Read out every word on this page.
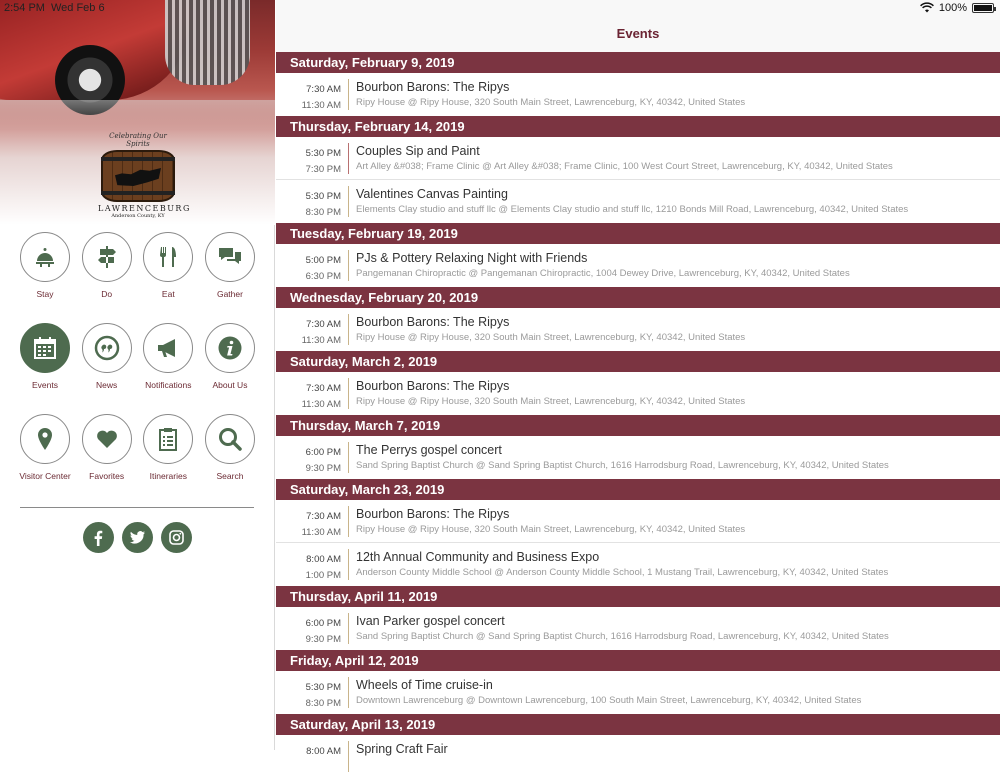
2:54 PM Wed Feb 6	100%
Celebrating Our Spirits
LAWRENCEBURG
Anderson County, KY
Stay	Do	Eat	Gather
Events	News	Notifications About Us
Visitor Center Favorites	Itineraries	Search
Events
Saturday, February 9, 2019
7:30 AM
11:30 AM
Bourbon Barons: The Ripys
Ripy House @ Ripy House, 320 South Main Street, Lawrenceburg, KY, 40342, United States
Thursday, February 14, 2019
5:30 PM
7:30 PM
Couples Sip and Paint
Art Alley &#038; Frame Clinic @ Art Alley &#038; Frame Clinic, 100 West Court Street, Lawrenceburg, KY, 40342, United States
5:30 PM
8:30 PM
Valentines Canvas Painting
Elements Clay studio and stuff llc @ Elements Clay studio and stuff llc, 1210 Bonds Mill Road, Lawrenceburg, 40342, United States
Tuesday, February 19, 2019
5:00 PM
6:30 PM
PJs & Pottery Relaxing Night with Friends
Pangemanan Chiropractic @ Pangemanan Chiropractic, 1004 Dewey Drive, Lawrenceburg, KY, 40342, United States
Wednesday, February 20, 2019
7:30 AM
11:30 AM
Bourbon Barons: The Ripys
Ripy House @ Ripy House, 320 South Main Street, Lawrenceburg, KY, 40342, United States
Saturday, March 2, 2019
7:30 AM
11:30 AM
Bourbon Barons: The Ripys
Ripy House @ Ripy House, 320 South Main Street, Lawrenceburg, KY, 40342, United States
Thursday, March 7, 2019
6:00 PM
9:30 PM
The Perrys gospel concert
Sand Spring Baptist Church @ Sand Spring Baptist Church, 1616 Harrodsburg Road, Lawrenceburg, KY, 40342, United States
Saturday, March 23, 2019
7:30 AM
11:30 AM
Bourbon Barons: The Ripys
Ripy House @ Ripy House, 320 South Main Street, Lawrenceburg, KY, 40342, United States
8:00 AM
1:00 PM
12th Annual Community and Business Expo
Anderson County Middle School @ Anderson County Middle School, 1 Mustang Trail, Lawrenceburg, KY, 40342, United States
Thursday, April 11, 2019
6:00 PM
9:30 PM
Ivan Parker gospel concert
Sand Spring Baptist Church @ Sand Spring Baptist Church, 1616 Harrodsburg Road, Lawrenceburg, KY, 40342, United States
Friday, April 12, 2019
5:30 PM
8:30 PM
Wheels of Time cruise-in
Downtown Lawrenceburg @ Downtown Lawrenceburg, 100 South Main Street, Lawrenceburg, KY, 40342, United States
Saturday, April 13, 2019
8:00 AM Spring Craft Fair
